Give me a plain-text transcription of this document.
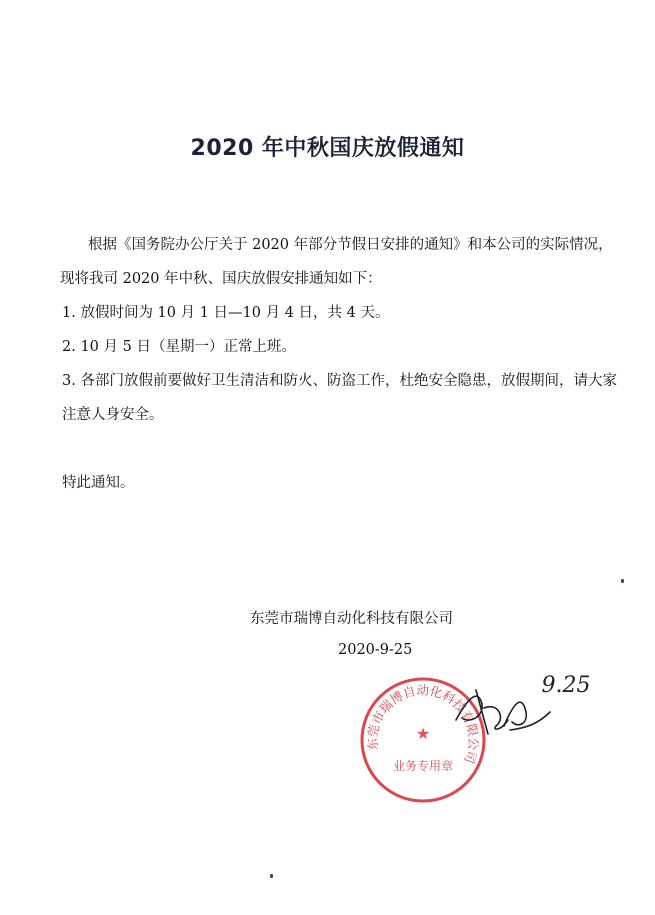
2020 年中秋国庆放假通知

根据《国务院办公厅关于 2020 年部分节假日安排的通知》和本公司的实际情况，现将我司 2020 年中秋、国庆放假安排通知如下：

1. 放假时间为 10 月 1 日—10 月 4 日，共 4 天。

2. 10 月 5 日（星期一）正常上班。

3. 各部门放假前要做好卫生清洁和防火、防盗工作，杜绝安全隐患，放假期间，请大家注意人身安全。

特此通知。

东莞市瑞博自动化科技有限公司
2020-9-25
东莞市瑞博自动化科技有限公司
业务专用章
★
9.25
